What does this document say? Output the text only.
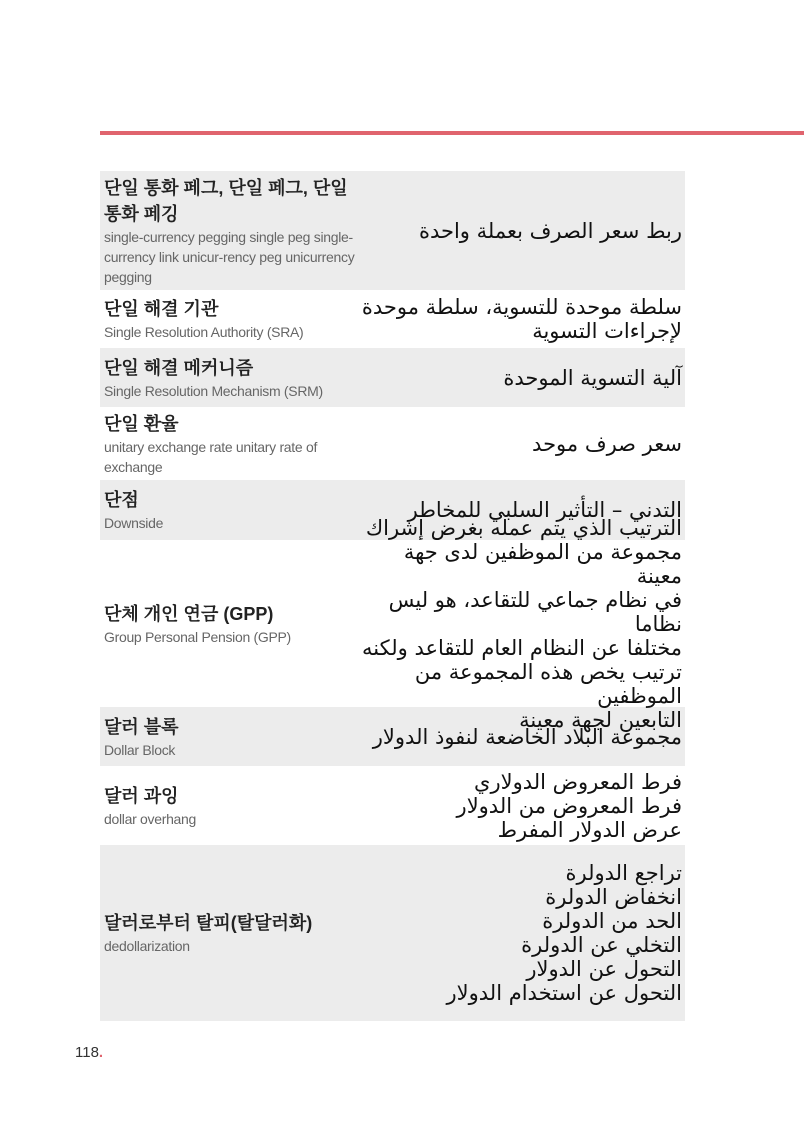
단일 통화 페그, 단일 페그, 단일 통화 페깅
single-currency pegging single peg single-currency link unicur-rency peg unicurrency pegging
ربط سعر الصرف بعملة واحدة
단일 해결 기관
Single Resolution Authority (SRA)
سلطة موحدة للتسوية، سلطة موحدة
لإجراءات التسوية
단일 해결 메커니즘
Single Resolution Mechanism (SRM)
آلية التسوية الموحدة
단일 환율
unitary exchange rate unitary rate of exchange
سعر صرف موحد
단점
Downside
التدني – التأثير السلبي للمخاطر
단체 개인 연금 (GPP)
Group Personal Pension (GPP)
الترتيب الذي يتم عمله بغرض إشراك
مجموعة من الموظفين لدى جهة معينة
في نظام جماعي للتقاعد، هو ليس نظاما
مختلفا عن النظام العام للتقاعد ولكنه
ترتيب يخص هذه المجموعة من الموظفين
التابعين لجهة معينة
달러 블록
Dollar Block
مجموعة البلاد الخاضعة لنفوذ الدولار
달러 과잉
dollar overhang
فرط المعروض الدولاري
فرط المعروض من الدولار
عرض الدولار المفرط
달러로부터 탈피(탈달러화)
dedollarization
تراجع الدولرة
انخفاض الدولرة
الحد من الدولرة
التخلي عن الدولرة
التحول عن الدولار
التحول عن استخدام الدولار
118.
